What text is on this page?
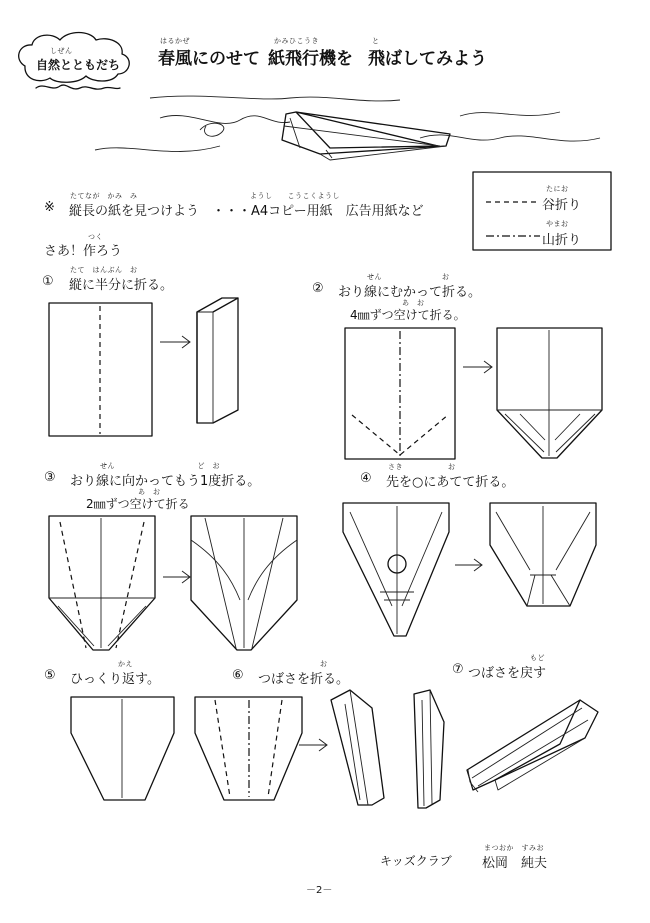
しぜん
自然とともだち
はるかぜ
春風にのせて
かみひこうき
紙飛行機を
と
飛ばしてみよう
たにお
谷折り
やまお
山折り
※
たてなが　かみ　み　　　　　　　　　　　　　　　ようし　　こうこくようし
縦長の紙を見つけよう　・・・A4コピー用紙　広告用紙など
つく
さあ！作ろう
①
たて　はんぶん　お
縦に半分に折る。	②
せん　　　　　　　　お
おり線にむかって折る。
あ　お
4㎜ずつ空けて折る。
③
せん　　　　　　　　　　　ど　お
おり線に向かってもう1度折る。
あ　お
2㎜ずつ空けて折る
④
さき　　　　　　お
先を○にあてて折る。
⑤
かえ
ひっくり返す。	⑥
お
つばさを折る。
⑦
もど
つばさを戻す
キッズクラブ
まつおか　すみお
松岡　純夫
－2－
